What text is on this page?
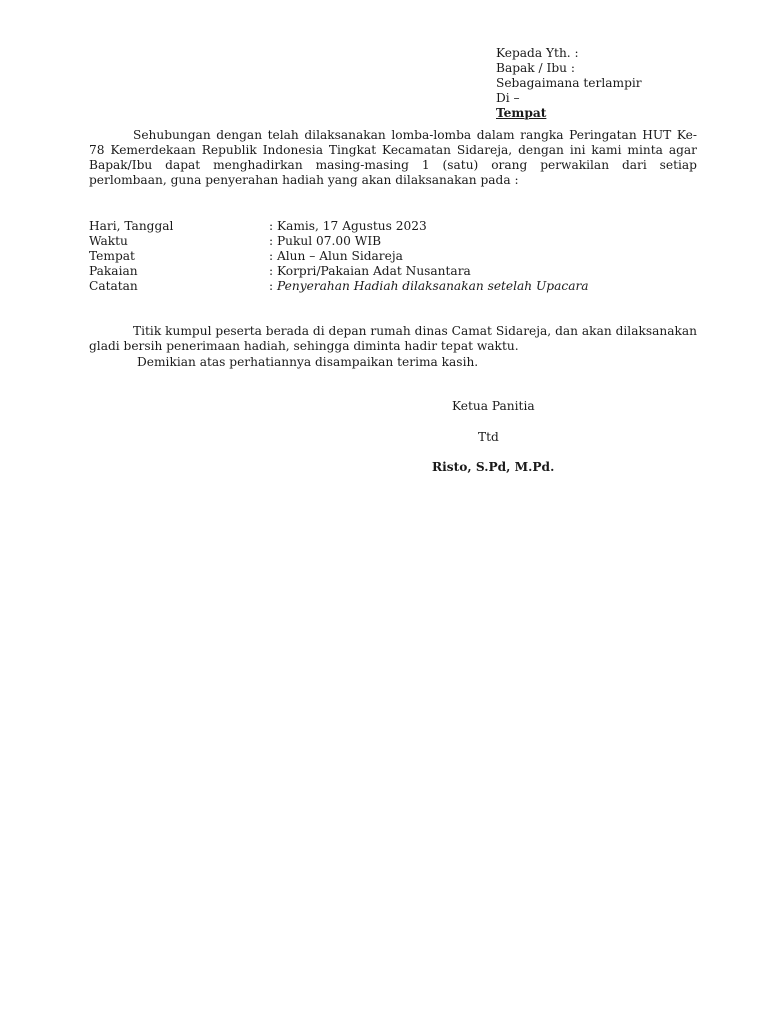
Kepada Yth. :
Bapak / Ibu :
Sebagaimana terlampir
Di –
Tempat

Sehubungan dengan telah dilaksanakan lomba-lomba dalam rangka Peringatan HUT Ke-78 Kemerdekaan Republik Indonesia Tingkat Kecamatan Sidareja, dengan ini kami minta agar Bapak/Ibu dapat menghadirkan masing-masing 1 (satu) orang perwakilan dari setiap perlombaan, guna penyerahan hadiah yang akan dilaksanakan pada :

Hari, Tanggal	: Kamis, 17 Agustus 2023
Waktu	: Pukul 07.00 WIB
Tempat	: Alun – Alun Sidareja
Pakaian	: Korpri/Pakaian Adat Nusantara
Catatan	: Penyerahan Hadiah dilaksanakan setelah Upacara

Titik kumpul peserta berada di depan rumah dinas Camat Sidareja, dan akan dilaksanakan gladi bersih penerimaan hadiah, sehingga diminta hadir tepat waktu.

Demikian atas perhatiannya disampaikan terima kasih.
Ketua Panitia
Ttd
Risto, S.Pd, M.Pd.
